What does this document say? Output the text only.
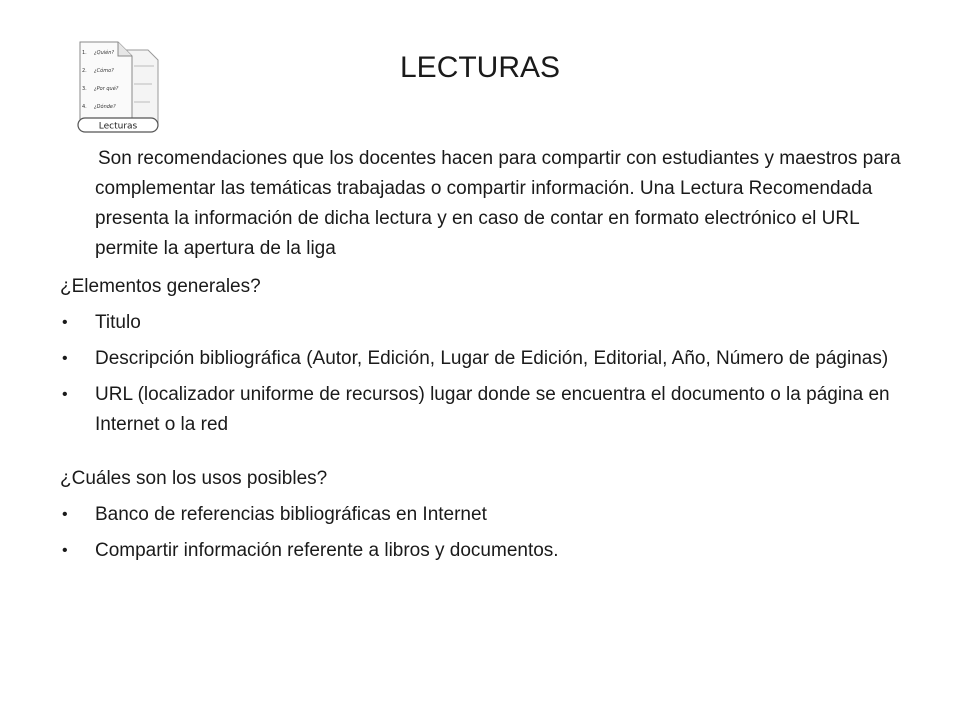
1. ¿Quién?
2. ¿Cómo?
3. ¿Por qué?
4. ¿Dónde?
Lecturas
LECTURAS

Son recomendaciones que los docentes hacen para compartir con estudiantes y maestros para complementar las temáticas trabajadas o compartir información. Una Lectura Recomendada presenta la información de dicha lectura y en caso de contar en formato electrónico el URL permite la apertura de la liga

¿Elementos generales?

• Titulo
• Descripción bibliográfica (Autor, Edición, Lugar de Edición, Editorial, Año, Número de páginas)
• URL (localizador uniforme de recursos) lugar donde se encuentra el documento o la página en Internet o la red

¿Cuáles son los usos posibles?

• Banco de referencias bibliográficas en Internet
• Compartir información referente a libros y documentos.
